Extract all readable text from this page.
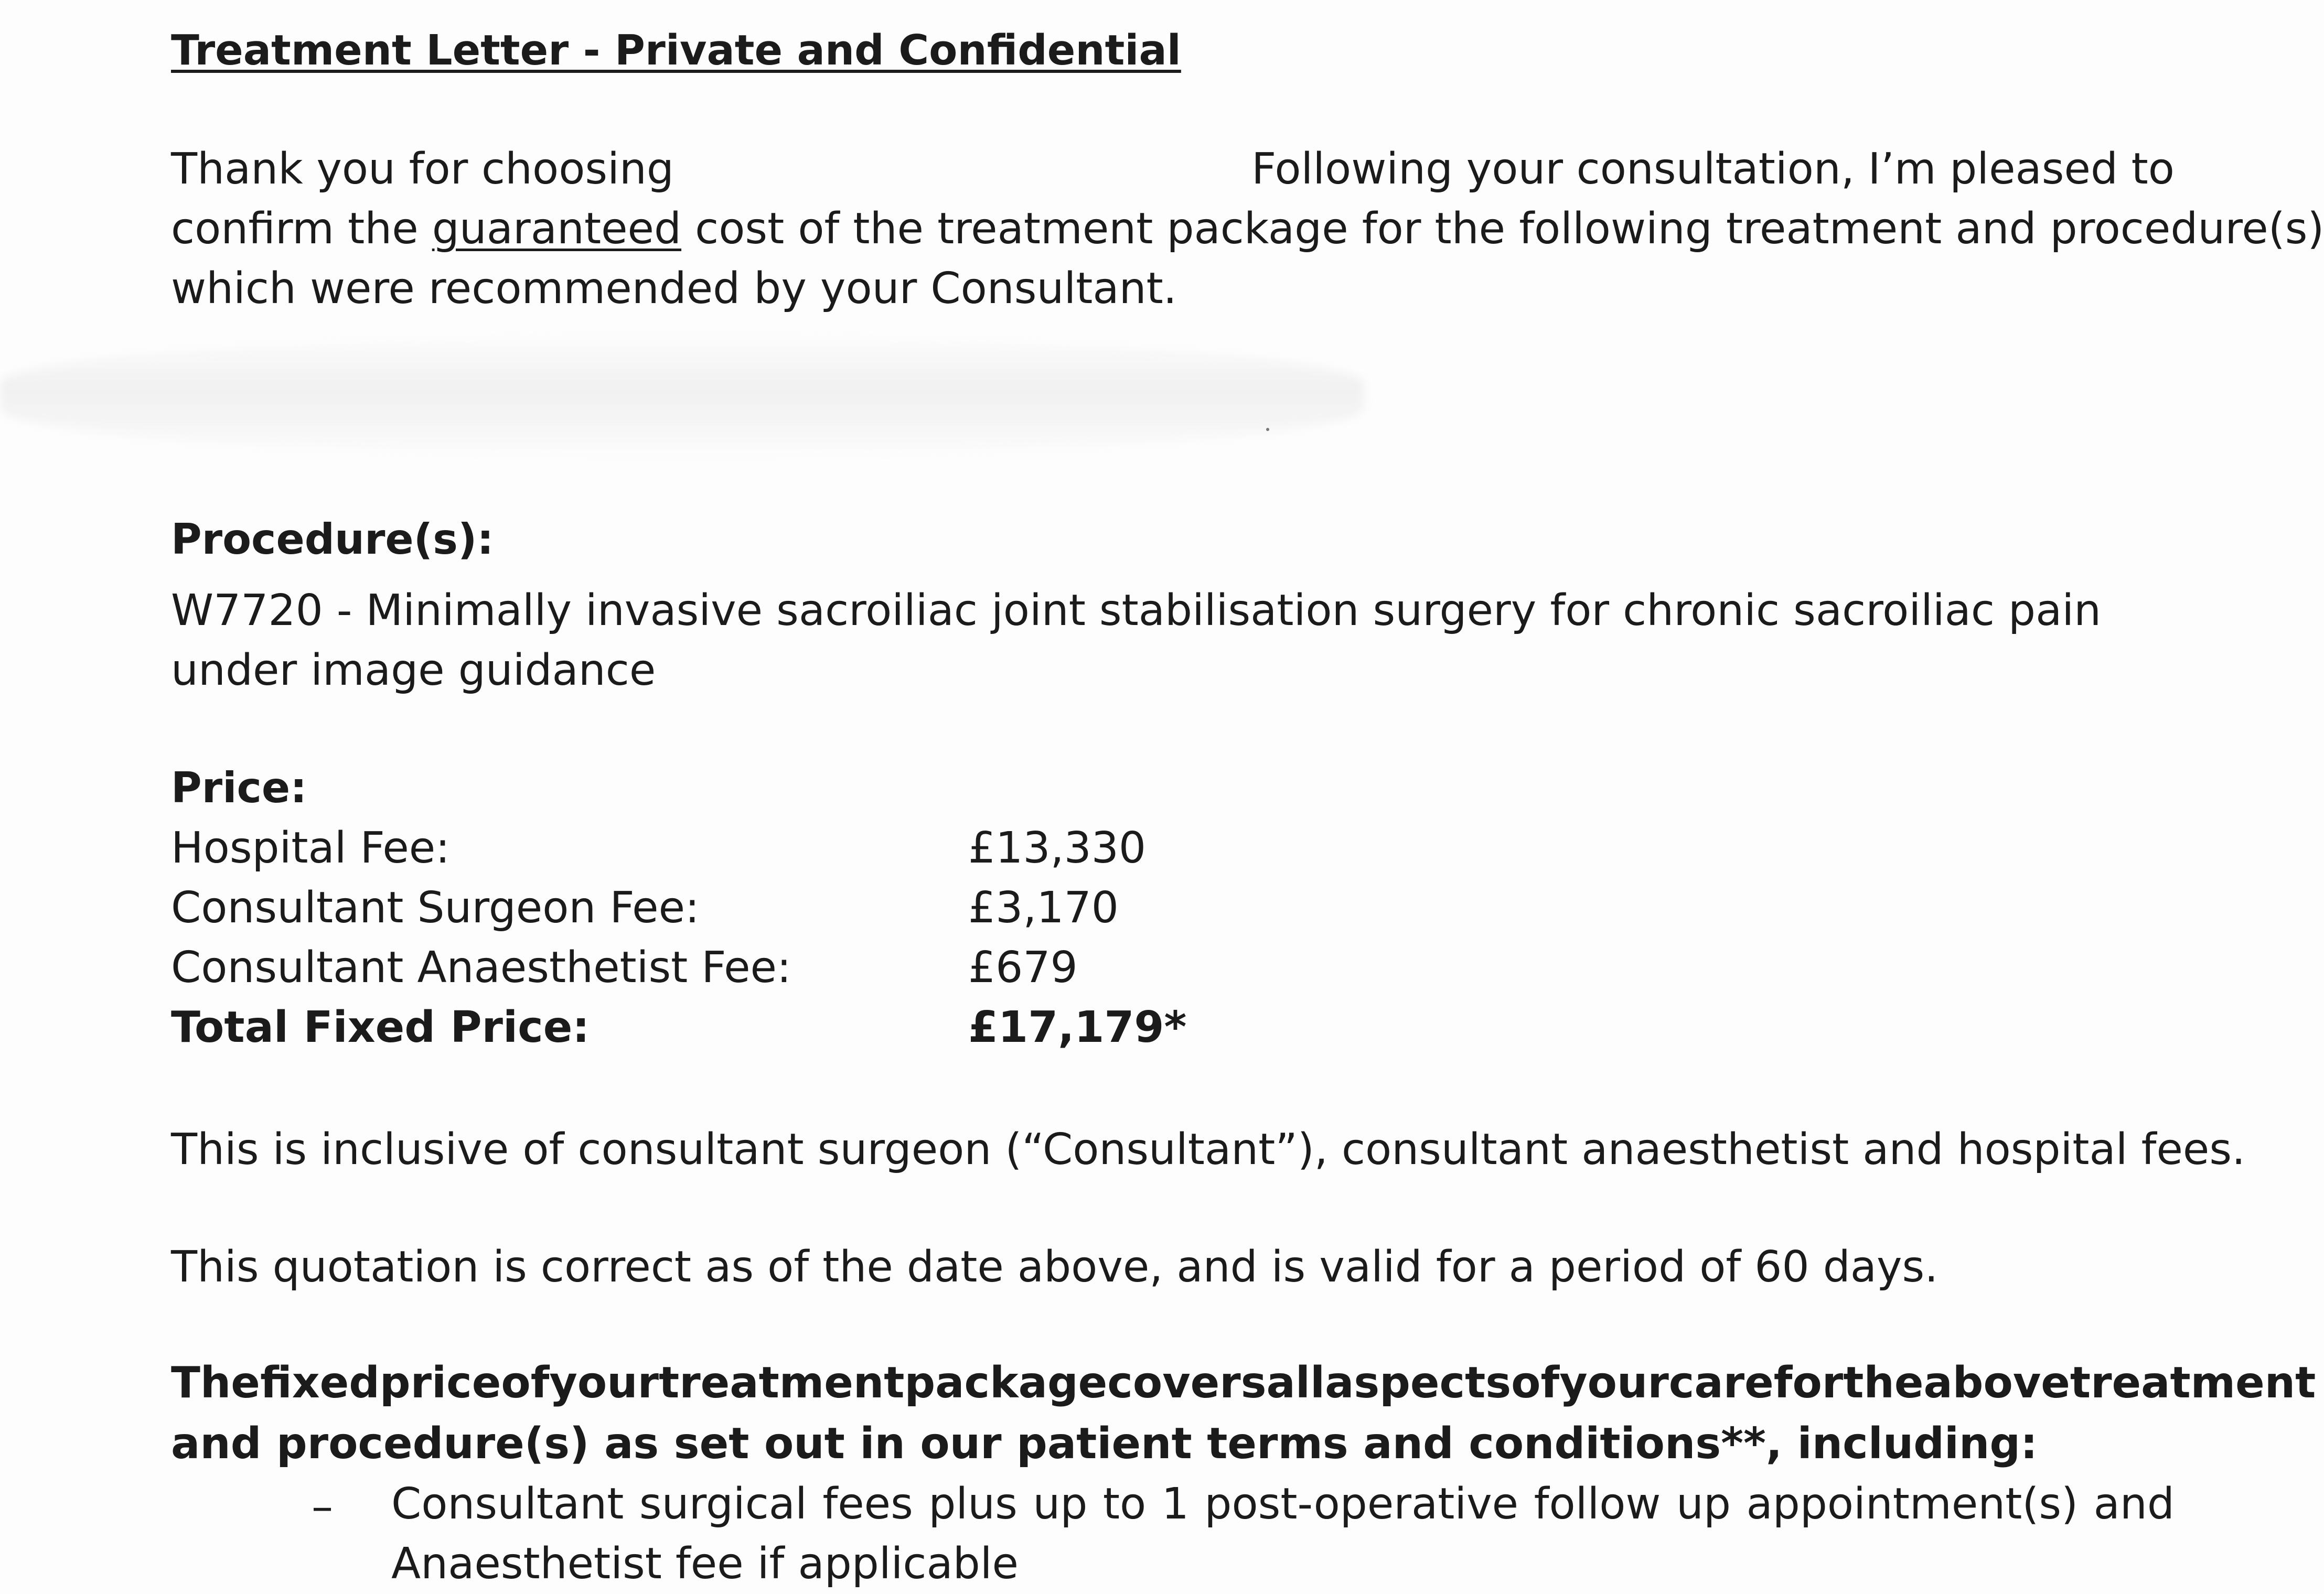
Treatment Letter - Private and Confidential
Thank you for choosing	Following your consultation, I’m pleased to
confirm the
guaranteed
cost of the treatment package for the following treatment and procedure(s)
which were recommended by your Consultant.
Procedure(s):
W7720 - Minimally invasive sacroiliac joint stabilisation surgery for chronic sacroiliac pain under image guidance
Price:
Hospital Fee:	£13,330
Consultant Surgeon Fee:	£3,170
Consultant Anaesthetist Fee:	£679
Total Fixed Price:	£17,179*
This is inclusive of consultant surgeon (“Consultant”), consultant anaesthetist and hospital fees.
This quotation is correct as of the date above, and is valid for a period of 60 days.
The fixed price of your treatment package covers all aspects of your care for the above treatment
and procedure(s) as set out in our patient terms and conditions**, including:
– Consultant surgical fees plus up to 1 post-operative follow up appointment(s) and
Anaesthetist fee if applicable
